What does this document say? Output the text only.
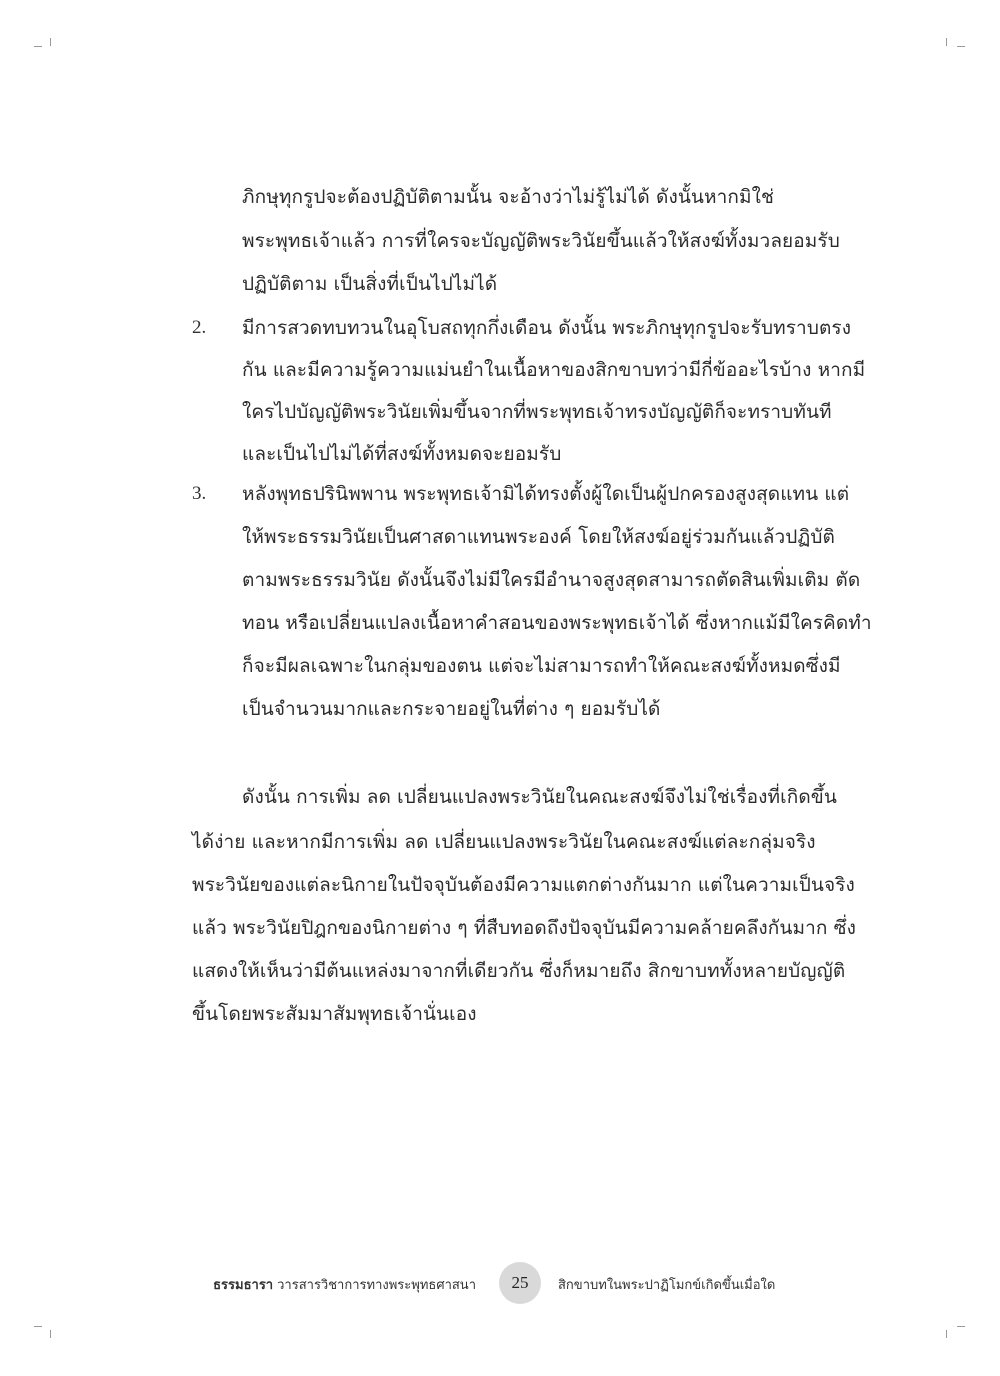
ภิกษุทุกรูปจะต้องปฏิบัติตามนั้น จะอ้างว่าไม่รู้ไม่ได้ ดังนั้นหากมิใช่
พระพุทธเจ้าแล้ว การที่ใครจะบัญญัติพระวินัยขึ้นแล้วให้สงฆ์ทั้งมวลยอมรับ
ปฏิบัติตาม เป็นสิ่งที่เป็นไปไม่ได้
2. มีการสวดทบทวนในอุโบสถทุกกึ่งเดือน ดังนั้น พระภิกษุทุกรูปจะรับทราบตรง
กัน และมีความรู้ความแม่นยำในเนื้อหาของสิกขาบทว่ามีกี่ข้ออะไรบ้าง หากมี
ใครไปบัญญัติพระวินัยเพิ่มขึ้นจากที่พระพุทธเจ้าทรงบัญญัติก็จะทราบทันที
และเป็นไปไม่ได้ที่สงฆ์ทั้งหมดจะยอมรับ
3. หลังพุทธปรินิพพาน พระพุทธเจ้ามิได้ทรงตั้งผู้ใดเป็นผู้ปกครองสูงสุดแทน แต่
ให้พระธรรมวินัยเป็นศาสดาแทนพระองค์ โดยให้สงฆ์อยู่ร่วมกันแล้วปฏิบัติ
ตามพระธรรมวินัย ดังนั้นจึงไม่มีใครมีอำนาจสูงสุดสามารถตัดสินเพิ่มเติม ตัด
ทอน หรือเปลี่ยนแปลงเนื้อหาคำสอนของพระพุทธเจ้าได้ ซึ่งหากแม้มีใครคิดทำ
ก็จะมีผลเฉพาะในกลุ่มของตน แต่จะไม่สามารถทำให้คณะสงฆ์ทั้งหมดซึ่งมี
เป็นจำนวนมากและกระจายอยู่ในที่ต่าง ๆ ยอมรับได้
ดังนั้น การเพิ่ม ลด เปลี่ยนแปลงพระวินัยในคณะสงฆ์จึงไม่ใช่เรื่องที่เกิดขึ้น
ได้ง่าย และหากมีการเพิ่ม ลด เปลี่ยนแปลงพระวินัยในคณะสงฆ์แต่ละกลุ่มจริง
พระวินัยของแต่ละนิกายในปัจจุบันต้องมีความแตกต่างกันมาก แต่ในความเป็นจริง
แล้ว พระวินัยปิฎกของนิกายต่าง ๆ ที่สืบทอดถึงปัจจุบันมีความคล้ายคลึงกันมาก ซึ่ง
แสดงให้เห็นว่ามีต้นแหล่งมาจากที่เดียวกัน ซึ่งก็หมายถึง สิกขาบททั้งหลายบัญญัติ
ขึ้นโดยพระสัมมาสัมพุทธเจ้านั่นเอง
ธรรมธารา วารสารวิชาการทางพระพุทธศาสนา	25	สิกขาบทในพระปาฏิโมกข์เกิดขึ้นเมื่อใด
